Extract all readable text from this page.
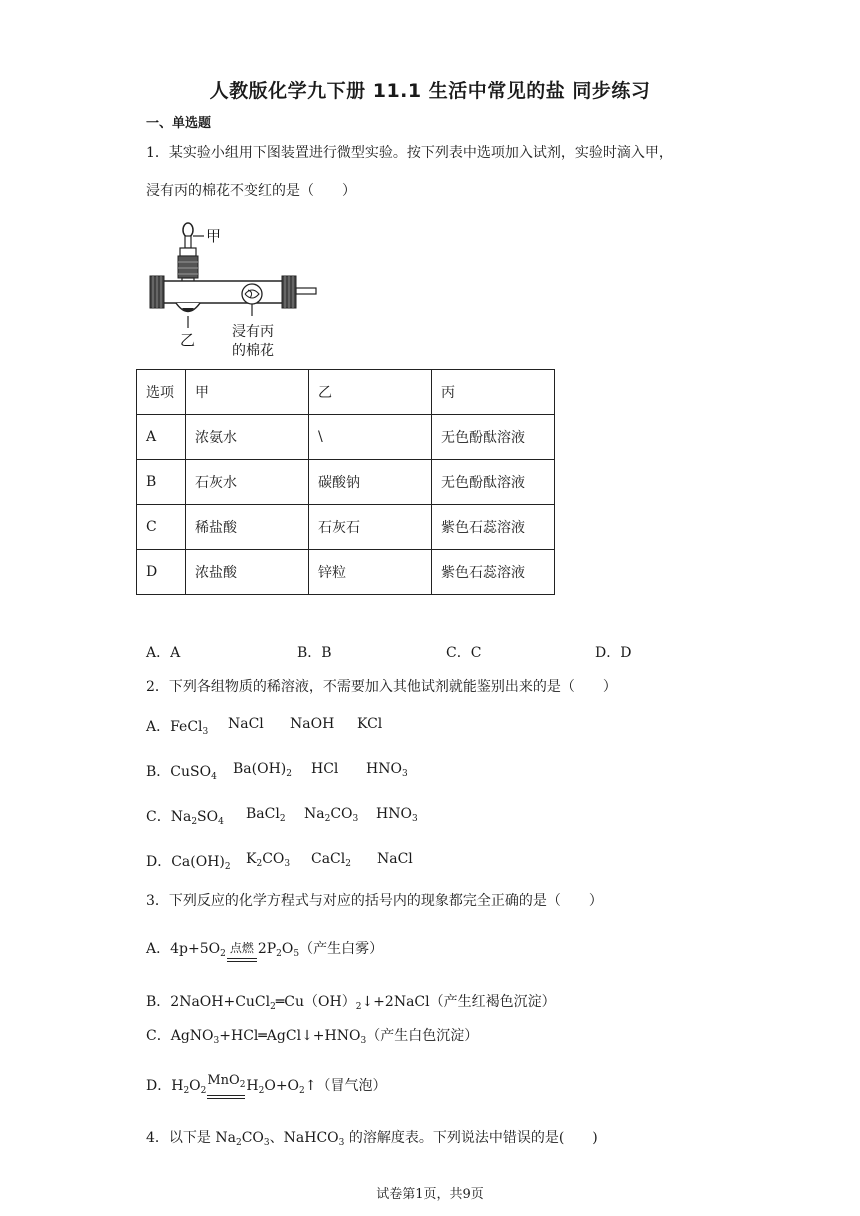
人教版化学九下册 11.1 生活中常见的盐 同步练习
一、单选题
1．某实验小组用下图装置进行微型实验。按下列表中选项加入试剂，实验时滴入甲，
浸有丙的棉花不变红的是（　　）
甲
乙	浸有丙
的棉花
选项	甲	乙	丙
A	浓氨水	\	无色酚酞溶液
B	石灰水	碳酸钠	无色酚酞溶液
C	稀盐酸	石灰石	紫色石蕊溶液
D	浓盐酸	锌粒	紫色石蕊溶液
A．A	B．B	C．C	D．D
2．下列各组物质的稀溶液，不需要加入其他试剂就能鉴别出来的是（　　）
A．FeCl$_3$ NaCl NaOH KCl
B．CuSO$_4$ $Ba(OH)_2$ HCl $HNO_3$
C．$Na_2SO_4$ BaCl$_2$ $Na_2CO_3$ $HNO_3$
D．$Ca(OH)_2$ $K_2CO_3$ CaCl$_2$ NaCl
3．下列反应的化学方程式与对应的括号内的现象都完全正确的是（　　）
A．$4p+5O_2$ 点燃 $2P_2O_5$（产生白雾）
B．$2NaOH+CuCl_2═Cu(OH)_2↓+2NaCl$（产生红褐色沉淀）
C．$AgNO_3+HCl═AgCl↓+HNO_3$（产生白色沉淀）
D．$H_2O_2$
MnO$_2$ $H_2O+O_2↑$（冒气泡）
4．以下是 $Na_2CO_3$、NaHCO$_3$ 的溶解度表。下列说法中错误的是(　　)
试卷第1页，共9页
